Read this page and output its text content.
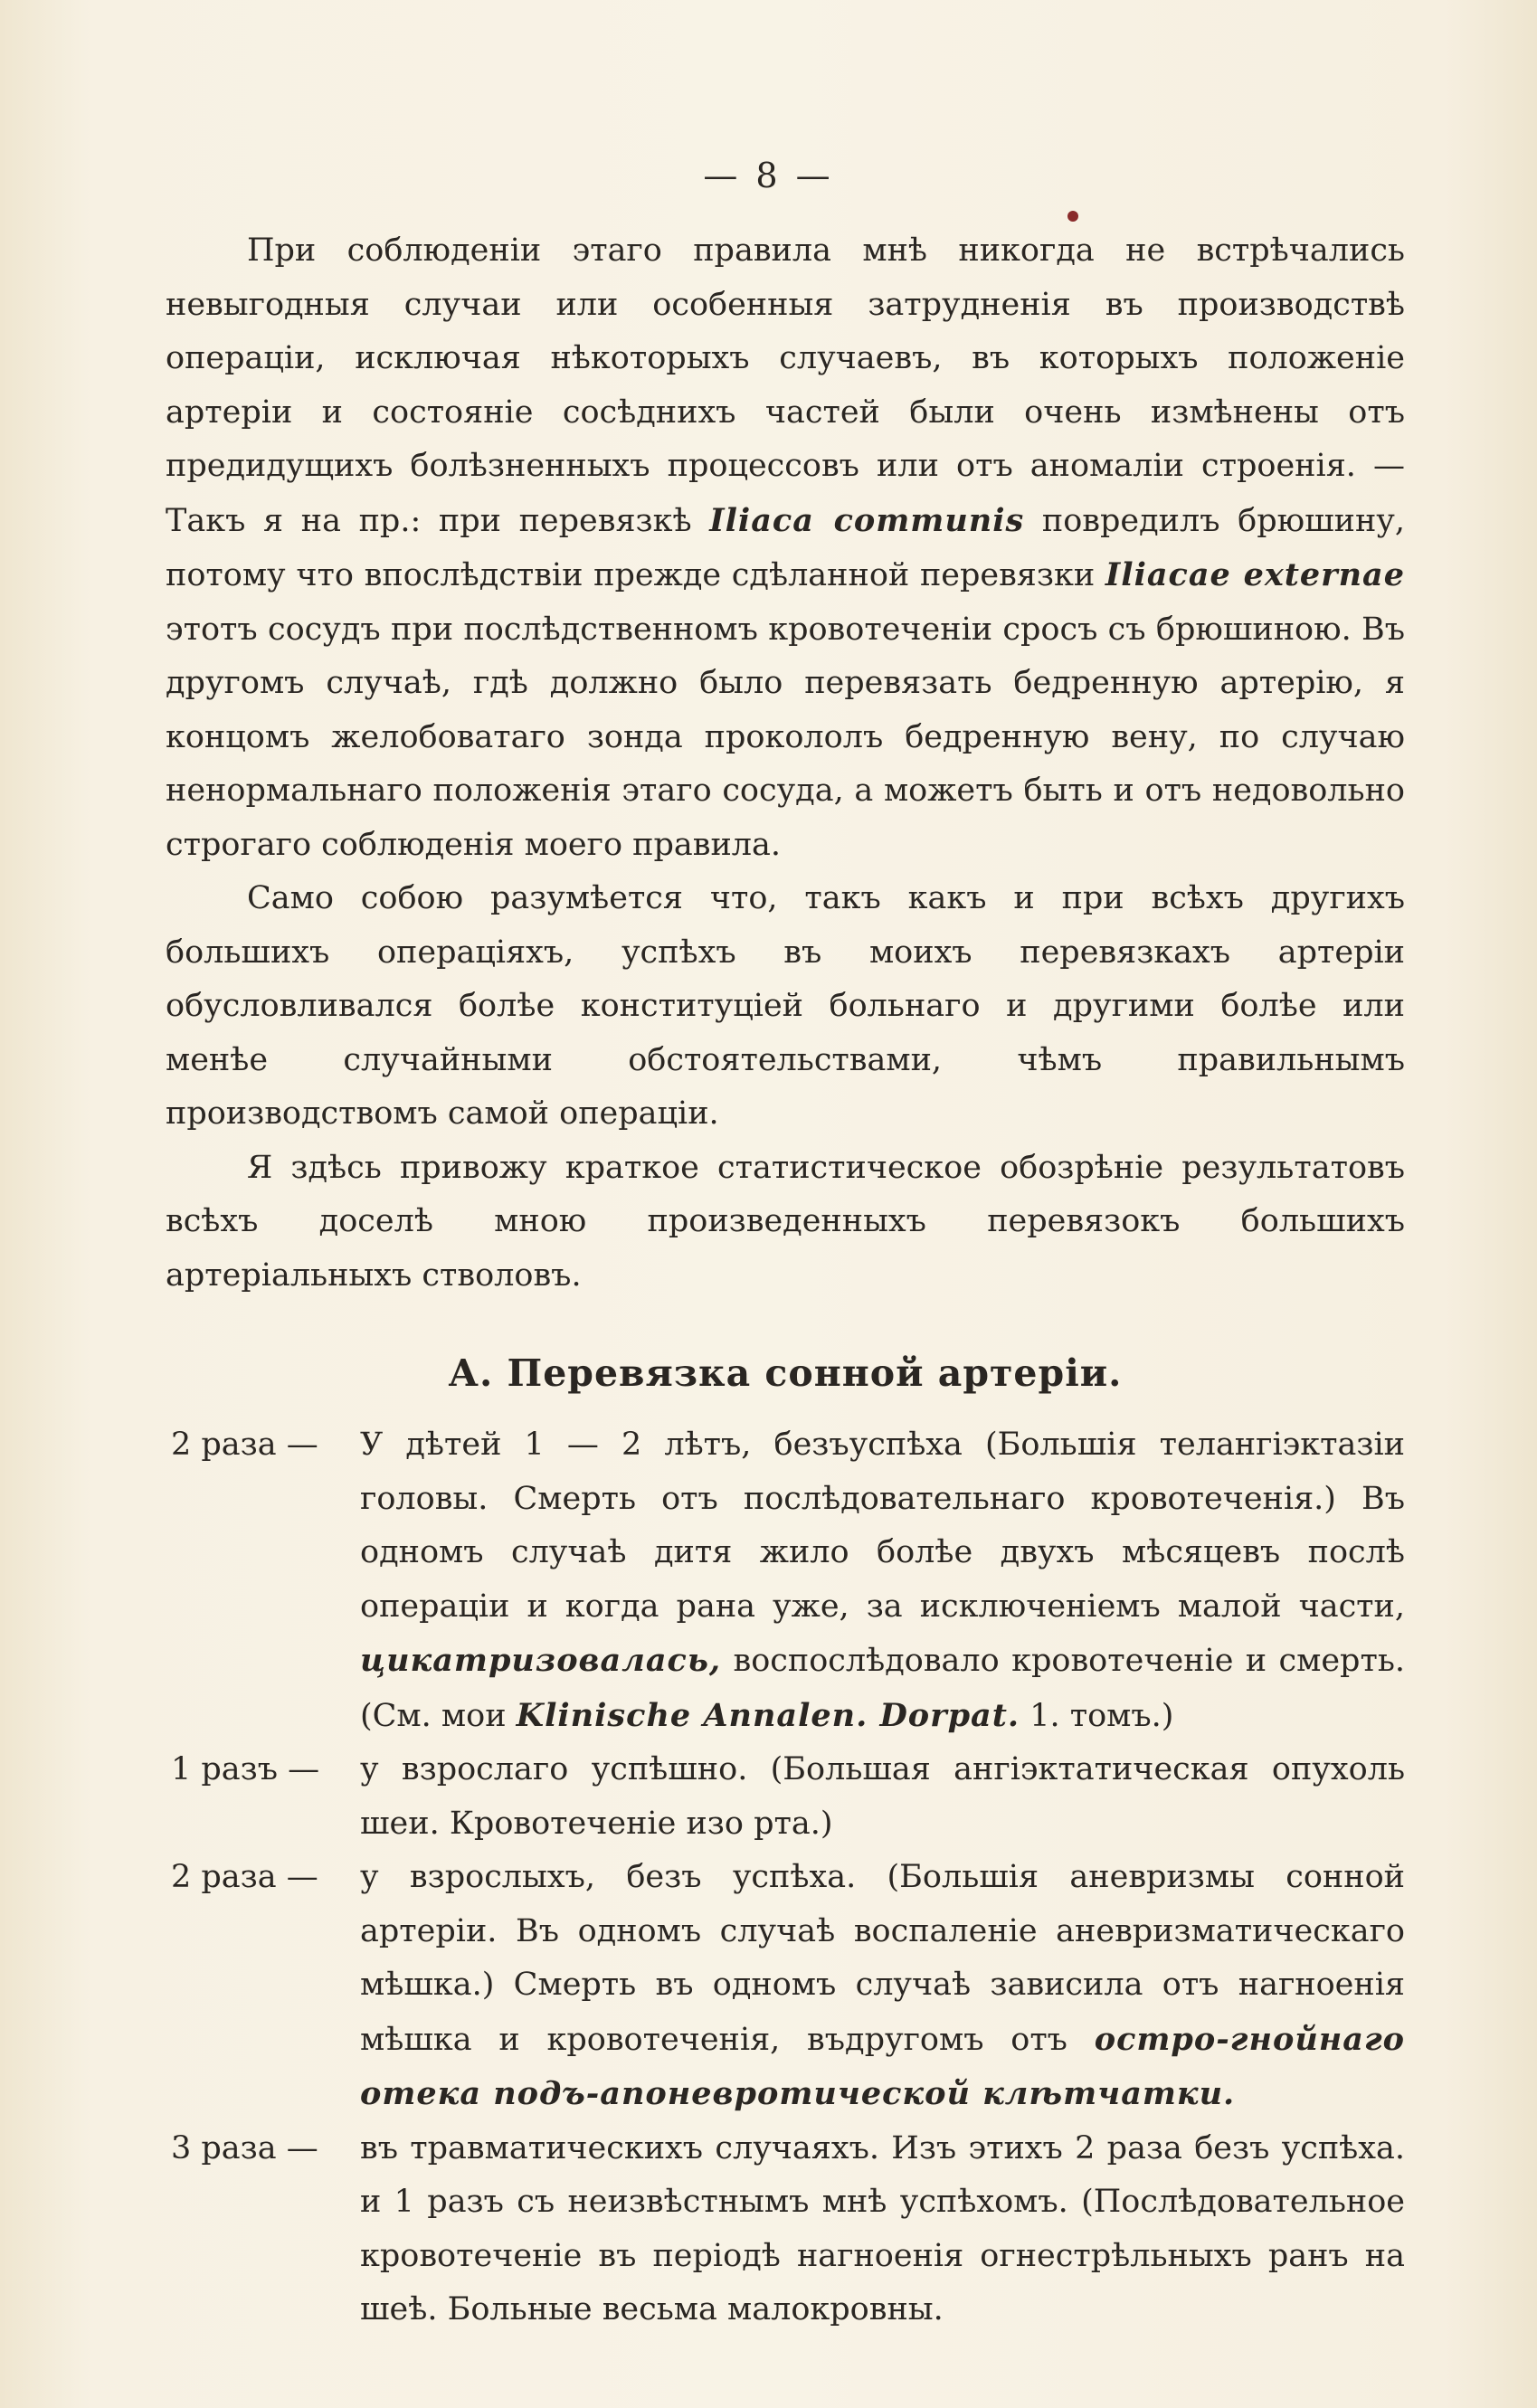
— 8 —

При соблюденіи этаго правила мнѣ никогда не встрѣчались невыгодныя случаи или особенныя затрудненія въ производствѣ операціи, исключая нѣкоторыхъ случаевъ, въ которыхъ положеніе артеріи и состояніе сосѣднихъ частей были очень измѣнены отъ предидущихъ болѣзненныхъ процессовъ или отъ аномаліи строенія. — Такъ я на пр.: при перевязкѣ Iliaca communis повредилъ брюшину, потому что впослѣдствіи прежде сдѣланной перевязки Iliacae externae этотъ сосудъ при послѣдственномъ кровотеченіи сросъ съ брюшиною. Въ другомъ случаѣ, гдѣ должно было перевязать бедренную артерію, я концомъ желобоватаго зонда прокололъ бедренную вену, по случаю ненормальнаго положенія этаго сосуда, а можетъ быть и отъ недовольно строгаго соблюденія моего правила.

Само собою разумѣется что, такъ какъ и при всѣхъ другихъ большихъ операціяхъ, успѣхъ въ моихъ перевязкахъ артеріи обусловливался болѣе конституціей больнаго и другими болѣе или менѣе случайными обстоятельствами, чѣмъ правильнымъ производствомъ самой операціи.

Я здѣсь привожу краткое статистическое обозрѣніе результатовъ всѣхъ доселѣ мною произведенныхъ перевязокъ большихъ артеріальныхъ стволовъ.

А. Перевязка сонной артеріи.
2 раза —	У дѣтей 1 — 2 лѣтъ, безъуспѣха (Большія телангіэктазіи головы. Смерть отъ послѣдовательнаго кровотеченія.) Въ одномъ случаѣ дитя жило болѣе двухъ мѣсяцевъ послѣ операціи и когда рана уже, за исключеніемъ малой части, цикатризовалась, воспослѣдовало кровотеченіе и смерть. (См. мои Klinische Annalen. Dorpat. 1. томъ.)
1 разъ —	у взрослаго успѣшно. (Большая ангіэктатическая опухоль шеи. Кровотеченіе изо рта.)
2 раза —	у взрослыхъ, безъ успѣха. (Большія аневризмы сонной артеріи. Въ одномъ случаѣ воспаленіе аневризматическаго мѣшка.) Смерть въ одномъ случаѣ зависила отъ нагноенія мѣшка и кровотеченія, въдругомъ отъ остро-гнойнаго отека подъ-апоневротической клѣтчатки.
3 раза —	въ травматическихъ случаяхъ. Изъ этихъ 2 раза безъ успѣха. и 1 разъ съ неизвѣстнымъ мнѣ успѣхомъ. (Послѣдовательное кровотеченіе въ періодѣ нагноенія огнестрѣльныхъ ранъ на шеѣ. Больные весьма малокровны.
